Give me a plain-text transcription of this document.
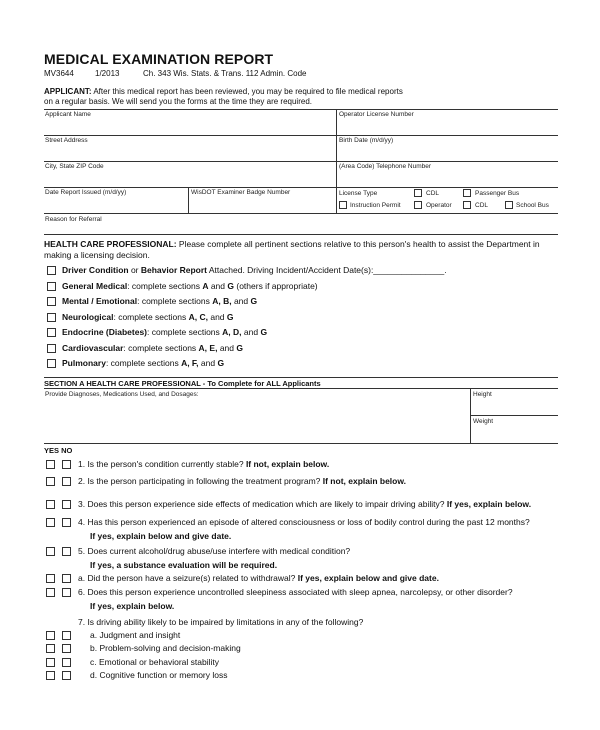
MEDICAL EXAMINATION REPORT
MV3644	1/2013	Ch. 343 Wis. Stats. & Trans. 112 Admin. Code
APPLICANT: After this medical report has been reviewed, you may be required to file medical reports on a regular basis. We will send you the forms at the time they are required.
Applicant Name	Operator License Number
Street Address	Birth Date (m/d/yy)
City, State ZIP Code	(Area Code) Telephone Number
Date Report Issued (m/d/yy)	WisDOT Examiner Badge Number	License Type	CDL	Passenger Bus
Instruction Permit	Operator	CDL	School Bus
Reason for Referral
HEALTH CARE PROFESSIONAL: Please complete all pertinent sections relative to this person's health to assist the Department in making a licensing decision.
Driver Condition or Behavior Report Attached. Driving Incident/Accident Date(s):_______________.
General Medical: complete sections A and G (others if appropriate)
Mental / Emotional: complete sections A, B, and G
Neurological: complete sections A, C, and G
Endocrine (Diabetes): complete sections A, D, and G
Cardiovascular: complete sections A, E, and G
Pulmonary: complete sections A, F, and G
SECTION A HEALTH CARE PROFESSIONAL - To Complete for ALL Applicants
Provide Diagnoses, Medications Used, and Dosages:	Height
Weight
YES NO
1. Is the person's condition currently stable? If not, explain below.
2. Is the person participating in following the treatment program? If not, explain below.
3. Does this person experience side effects of medication which are likely to impair driving ability? If yes, explain below.
4. Has this person experienced an episode of altered consciousness or loss of bodily control during the past 12 months?
If yes, explain below and give date.
5. Does current alcohol/drug abuse/use interfere with medical condition?
If yes, a substance evaluation will be required.
a. Did the person have a seizure(s) related to withdrawal? If yes, explain below and give date.
6. Does this person experience uncontrolled sleepiness associated with sleep apnea, narcolepsy, or other disorder?
If yes, explain below.
7. Is driving ability likely to be impaired by limitations in any of the following?
a. Judgment and insight
b. Problem-solving and decision-making
c. Emotional or behavioral stability
d. Cognitive function or memory loss
